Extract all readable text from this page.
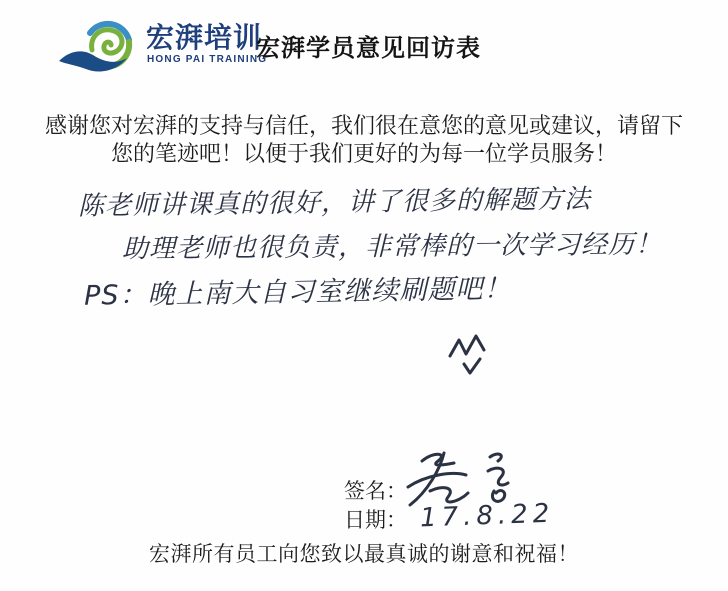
宏湃培训
HONG PAI TRAINING
宏湃学员意见回访表

感谢您对宏湃的支持与信任，我们很在意您的意见或建议，请留下您的笔迹吧！以便于我们更好的为每一位学员服务！

陈老师讲课真的很好，讲了很多的解题方法
助理老师也很负责，非常棒的一次学习经历！
PS：晚上南大自习室继续刷题吧！
签名：
日期： 17.8.22

宏湃所有员工向您致以最真诚的谢意和祝福！
